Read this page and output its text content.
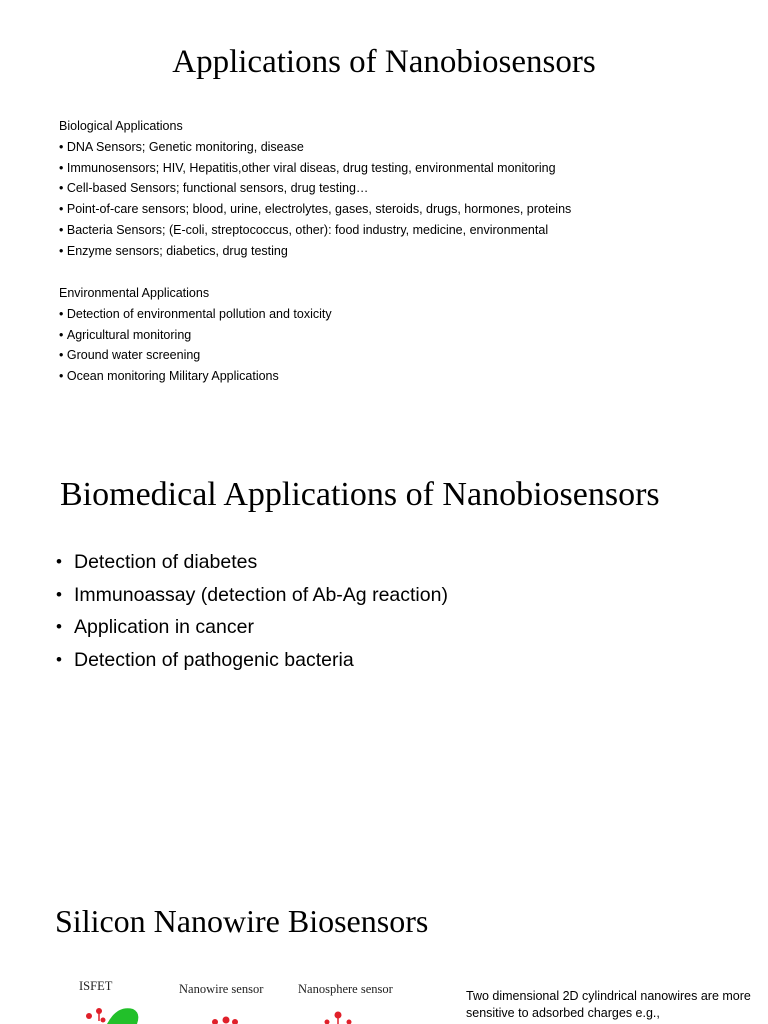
Applications of Nanobiosensors
Biological Applications
• DNA Sensors; Genetic monitoring, disease
• Immunosensors; HIV, Hepatitis,other viral diseas, drug testing, environmental monitoring
• Cell-based Sensors; functional sensors, drug testing…
• Point-of-care sensors; blood, urine, electrolytes, gases, steroids, drugs, hormones, proteins
• Bacteria Sensors; (E-coli, streptococcus, other): food industry, medicine, environmental
• Enzyme sensors; diabetics, drug testing
Environmental Applications
• Detection of environmental pollution and toxicity
• Agricultural monitoring
• Ground water screening
• Ocean monitoring Military Applications
Biomedical Applications of Nanobiosensors
• Detection of diabetes
• Immunoassay (detection of Ab-Ag reaction)
• Application in cancer
• Detection of pathogenic bacteria
Silicon Nanowire Biosensors
ISFET	Nanowire sensor	Nanosphere sensor	Two dimensional 2D cylindrical nanowires are more sensitive to adsorbed charges e.g.,
